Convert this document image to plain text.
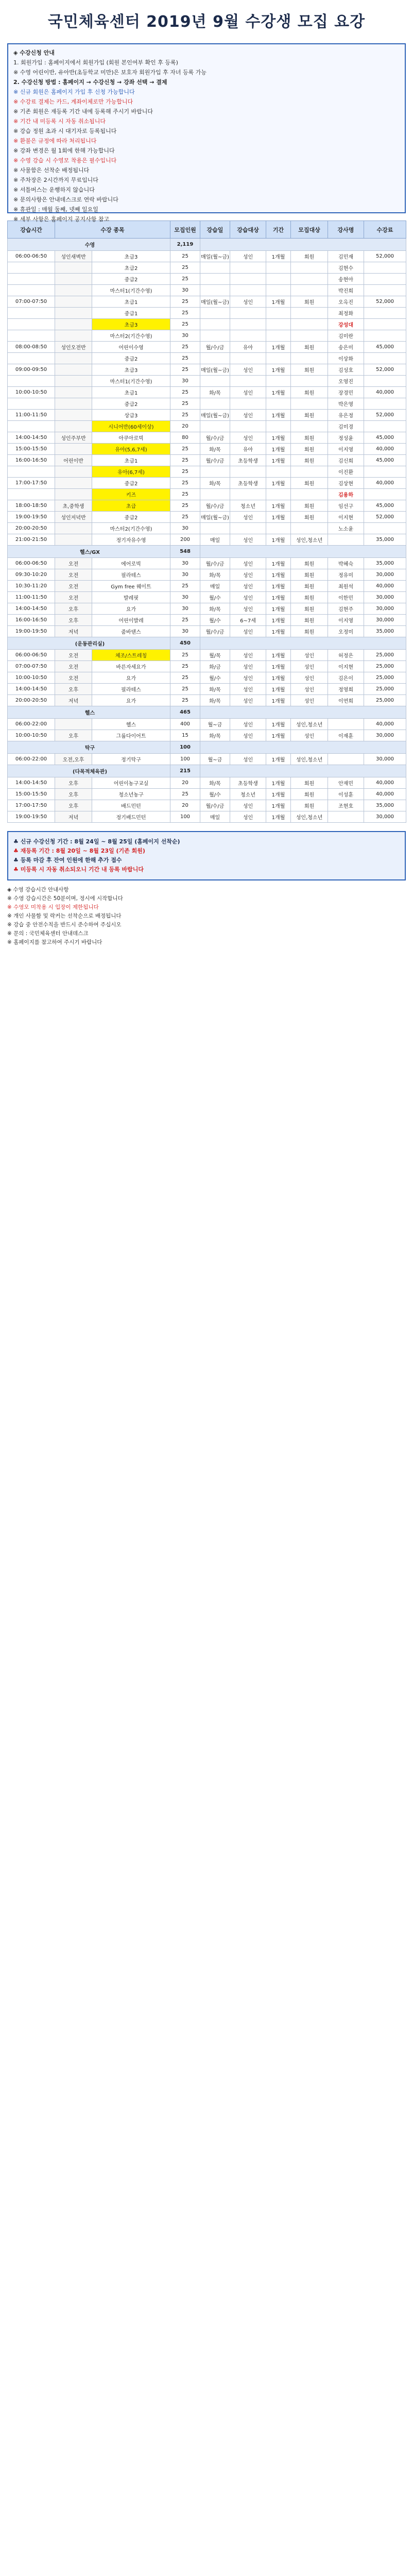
국민체육센터 2019년 9월 수강생 모집 요강

◈ 수강신청 안내

1. 회원가입 : 홈페이지에서 회원가입 (회원 본인여부 확인 후 등록)

※ 수영 어린이반, 유아반(초등학교 미만)은 보호자 회원가입 후 자녀 등록 가능

2. 수강신청 방법 : 홈페이지 → 수강신청 → 강좌 선택 → 결제

※ 신규 회원은 홈페이지 가입 후 신청 가능합니다

※ 수강료 결제는 카드, 계좌이체로만 가능합니다

※ 기존 회원은 재등록 기간 내에 등록해 주시기 바랍니다

※ 기간 내 미등록 시 자동 취소됩니다

※ 강습 정원 초과 시 대기자로 등록됩니다

※ 환불은 규정에 따라 처리됩니다

※ 강좌 변경은 월 1회에 한해 가능합니다

※ 수영 강습 시 수영모 착용은 필수입니다

※ 사물함은 선착순 배정됩니다

※ 주차장은 2시간까지 무료입니다

※ 셔틀버스는 운행하지 않습니다

※ 문의사항은 안내데스크로 연락 바랍니다

※ 휴관일 : 매월 둘째, 넷째 일요일

※ 세부 사항은 홈페이지 공지사항 참고

강습시간	수강 종목		모집인원	강습일	강습대상	기간	모집대상	강사명	수강료
수영			2,119						
06:00-06:50	성인새벽반	초급3	25	매일(월~금)	성인	1개월	회원	김민재	52,000
		초급2	25					김현수	
		중급2	25					송현아	
		마스터1(기간수영)	30					박진희	
07:00-07:50		초급1	25	매일(월~금)	성인	1개월	회원	오옥진	52,000
		중급1	25					최정화	
		초급3	25					강성대	
		마스터2(기간수영)	30					김미란	
08:00-08:50	성인오전반	어린이수영	25	월/수/금	유아	1개월	회원	송은미	45,000
		중급2	25					이상화	
09:00-09:50		초급3	25	매일(월~금)	성인	1개월	회원	김성호	52,000
		마스터1(기간수영)	30					오영진	
10:00-10:50		초급1	25	화/목	성인	1개월	회원	장경민	40,000
		중급2	25					박은영	
11:00-11:50		상급3	25	매일(월~금)	성인	1개월	회원	유은정	52,000
		시니어반(60세이상)	20					김미경	
14:00-14:50	성인주부반	아쿠아로빅	80	월/수/금	성인	1개월	회원	정성윤	45,000
15:00-15:50		유아(5,6,7세)	25	화/목	유아	1개월	회원	이지영	40,000
16:00-16:50	어린이반	초급1	25	월/수/금	초등학생	1개월	회원	김신희	45,000
		유아(6,7세)	25					이진환	
17:00-17:50		중급2	25	화/목	초등학생	1개월	회원	김상현	40,000
		키즈	25					김용하	
18:00-18:50	초,중학생	초급	25	월/수/금	청소년	1개월	회원	임선구	45,000
19:00-19:50	성인저녁반	중급2	25	매일(월~금)	성인	1개월	회원	이지현	52,000
20:00-20:50		마스터2(기간수영)	30					노소윤	
21:00-21:50		정기자유수영	200	매일	성인	1개월	성인,청소년		35,000
헬스/GX			548						
06:00-06:50	오전	에어로빅	30	월/수/금	성인	1개월	회원	박혜숙	35,000
09:30-10:20	오전	필라테스	30	화/목	성인	1개월	회원	정유미	30,000
10:30-11:20	오전	Gym free 웨이트	25	매일	성인	1개월	회원	최원석	40,000
11:00-11:50	오전	발레핏	30	월/수	성인	1개월	회원	이한민	30,000
14:00-14:50	오후	요가	30	화/목	성인	1개월	회원	김현주	30,000
16:00-16:50	오후	어린이발레	25	월/수	6~7세	1개월	회원	이지영	30,000
19:00-19:50	저녁	줌바댄스	30	월/수/금	성인	1개월	회원	오정미	35,000
(운동관리실)			450						
06:00-06:50	오전	체조/스트레칭	25	월/목	성인	1개월	성인	허정은	25,000
07:00-07:50	오전	바른자세요가	25	화/금	성인	1개월	성인	이지현	25,000
10:00-10:50	오전	요가	25	월/수	성인	1개월	성인	김은이	25,000
14:00-14:50	오후	필라테스	25	화/목	성인	1개월	성인	정영희	25,000
20:00-20:50	저녁	요가	25	화/목	성인	1개월	성인	이연희	25,000
헬스			465						
06:00-22:00		헬스	400	월~금	성인	1개월	성인,청소년		40,000
10:00-10:50	오후	그룹다이어트	15	화/목	성인	1개월	성인	이재훈	30,000
탁구			100						
06:00-22:00	오전,오후	정기탁구	100	월~금	성인	1개월	성인,청소년		30,000
(다목적체육관)			215						
14:00-14:50	오후	어린이농구교실	20	화/목	초등학생	1개월	회원	안재민	40,000
15:00-15:50	오후	청소년농구	25	월/수	청소년	1개월	회원	이성훈	40,000
17:00-17:50	오후	배드민턴	20	월/수/금	성인	1개월	회원	조현호	35,000
19:00-19:50	저녁	정기배드민턴	100	매일	성인	1개월	성인,청소년		30,000

♣ 신규 수강신청 기간 : 8월 24일 ~ 8월 25일 (홈페이지 선착순)

♣ 재등록 기간 : 8월 20일 ~ 8월 23일 (기존 회원)

♣ 등록 마감 후 잔여 인원에 한해 추가 접수

♣ 미등록 시 자동 취소되오니 기간 내 등록 바랍니다

◈ 수영 강습시간 안내사항

※ 수영 강습시간은 50분이며, 정시에 시작합니다

※ 수영모 미착용 시 입장이 제한됩니다

※ 개인 사물함 및 락커는 선착순으로 배정됩니다

※ 강습 중 안전수칙을 반드시 준수하여 주십시오

※ 문의 : 국민체육센터 안내데스크

※ 홈페이지를 참고하여 주시기 바랍니다
